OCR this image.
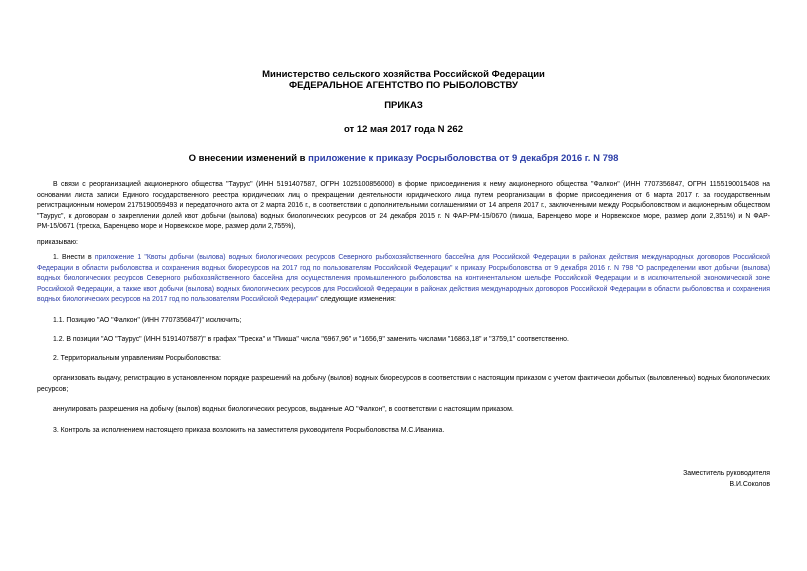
Министерство сельского хозяйства Российской Федерации
ФЕДЕРАЛЬНОЕ АГЕНТСТВО ПО РЫБОЛОВСТВУ
ПРИКАЗ
от 12 мая 2017 года N 262
О внесении изменений в приложение к приказу Росрыболовства от 9 декабря 2016 г. N 798
В связи с реорганизацией акционерного общества "Таурус" (ИНН 5191407587, ОГРН 1025100856000) в форме присоединения к нему акционерного общества "Фалкон" (ИНН 7707356847, ОГРН 1155190015408 на основании листа записи Единого государственного реестра юридических лиц о прекращении деятельности юридического лица путем реорганизации в форме присоединения от 6 марта 2017 г. за государственным регистрационным номером 2175190059493 и передаточного акта от 2 марта 2016 г., в соответствии с дополнительными соглашениями от 14 апреля 2017 г., заключенными между Росрыболовством и акционерным обществом "Таурус", к договорам о закреплении долей квот добычи (вылова) водных биологических ресурсов от 24 декабря 2015 г. N ФАР-РМ-15/0670 (пикша, Баренцево море и Норвежское море, размер доли 2,351%) и N ФАР-РМ-15/0671 (треска, Баренцево море и Норвежское море, размер доли 2,755%),
приказываю:
1. Внести в приложение 1 "Квоты добычи (вылова) водных биологических ресурсов Северного рыбохозяйственного бассейна для Российской Федерации в районах действия международных договоров Российской Федерации в области рыболовства и сохранения водных биоресурсов на 2017 год по пользователям Российской Федерации" к приказу Росрыболовства от 9 декабря 2016 г. N 798 "О распределении квот добычи (вылова) водных биологических ресурсов Северного рыбохозяйственного бассейна для осуществления промышленного рыболовства на континентальном шельфе Российской Федерации и в исключительной экономической зоне Российской Федерации, а также квот добычи (вылова) водных биологических ресурсов для Российской Федерации в районах действия международных договоров Российской Федерации в области рыболовства и сохранения водных биологических ресурсов на 2017 год по пользователям Российской Федерации" следующие изменения:
1.1. Позицию "АО "Фалкон" (ИНН 7707356847)" исключить;
1.2. В позиции "АО "Таурус" (ИНН 5191407587)" в графах "Треска" и "Пикша" числа "6967,96" и "1656,9" заменить числами "16863,18" и "3759,1" соответственно.
2. Территориальным управлениям Росрыболовства:
организовать выдачу, регистрацию в установленном порядке разрешений на добычу (вылов) водных биоресурсов в соответствии с настоящим приказом с учетом фактически добытых (выловленных) водных биологических ресурсов;
аннулировать разрешения на добычу (вылов) водных биологических ресурсов, выданные АО "Фалкон", в соответствии с настоящим приказом.
3. Контроль за исполнением настоящего приказа возложить на заместителя руководителя Росрыболовства М.С.Иваника.
Заместитель руководителя
В.И.Соколов
